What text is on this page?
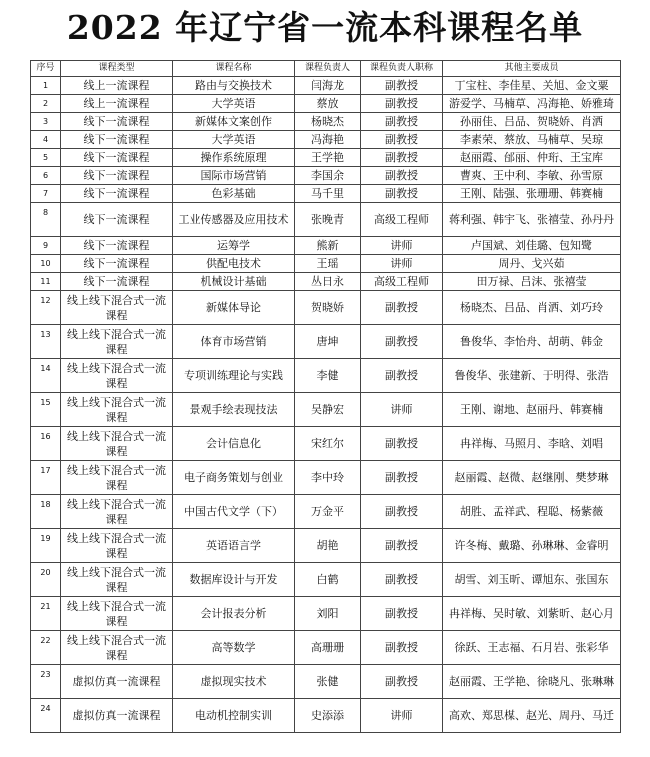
2022 年辽宁省一流本科课程名单
序号	课程类型	课程名称	课程负责人	课程负责人职称	其他主要成员
1	线上一流课程	路由与交换技术	闫海龙	副教授	丁宝柱、李佳星、关旭、金文粟
2	线上一流课程	大学英语	蔡放	副教授	游爱学、马楠草、冯海艳、娇雅琦
3	线下一流课程	新媒体文案创作	杨晓杰	副教授	孙丽佳、吕品、贺晓娇、肖洒
4	线下一流课程	大学英语	冯海艳	副教授	李素荣、蔡放、马楠草、吴琼
5	线下一流课程	操作系统原理	王学艳	副教授	赵丽霞、邰丽、仲珩、王宝库
6	线下一流课程	国际市场营销	李国余	副教授	曹爽、王中利、李敏、孙雪原
7	线下一流课程	色彩基础	马千里	副教授	王刚、陆强、张珊珊、韩赛楠
8	线下一流课程	工业传感器及应用技术	张晚青	高级工程师	蒋利强、韩宇飞、张禧莹、孙丹丹
9	线下一流课程	运筹学	熊新	讲师	卢国斌、刘佳璐、包知鹭
10	线下一流课程	供配电技术	王瑶	讲师	周丹、戈兴茹
11	线下一流课程	机械设计基础	丛日永	高级工程师	田万禄、吕沫、张禧莹
12	线上线下混合式一流课程	新媒体导论	贺晓娇	副教授	杨晓杰、吕品、肖洒、刘巧玲
13	线上线下混合式一流课程	体育市场营销	唐坤	副教授	鲁俊华、李怡舟、胡萌、韩金
14	线上线下混合式一流课程	专项训练理论与实践	李健	副教授	鲁俊华、张建新、于明得、张浩
15	线上线下混合式一流课程	景观手绘表现技法	吴静宏	讲师	王刚、谢地、赵丽丹、韩赛楠
16	线上线下混合式一流课程	会计信息化	宋红尔	副教授	冉祥梅、马照月、李晗、刘唱
17	线上线下混合式一流课程	电子商务策划与创业	李中玲	副教授	赵丽霞、赵微、赵继刚、樊梦琳
18	线上线下混合式一流课程	中国古代文学（下）	万金平	副教授	胡胜、孟祥武、程聪、杨紫薇
19	线上线下混合式一流课程	英语语言学	胡艳	副教授	许冬梅、戴璐、孙琳琳、金睿明
20	线上线下混合式一流课程	数据库设计与开发	白鹤	副教授	胡雪、刘玉昕、谭旭东、张国东
21	线上线下混合式一流课程	会计报表分析	刘阳	副教授	冉祥梅、吴时敏、刘紫昕、赵心月
22	线上线下混合式一流课程	高等数学	高珊珊	副教授	徐跃、王志福、石月岩、张彩华
23	虚拟仿真一流课程	虚拟现实技术	张健	副教授	赵丽霞、王学艳、徐晓凡、张琳琳
24	虚拟仿真一流课程	电动机控制实训	史添添	讲师	高欢、郑思楳、赵光、周丹、马迁
